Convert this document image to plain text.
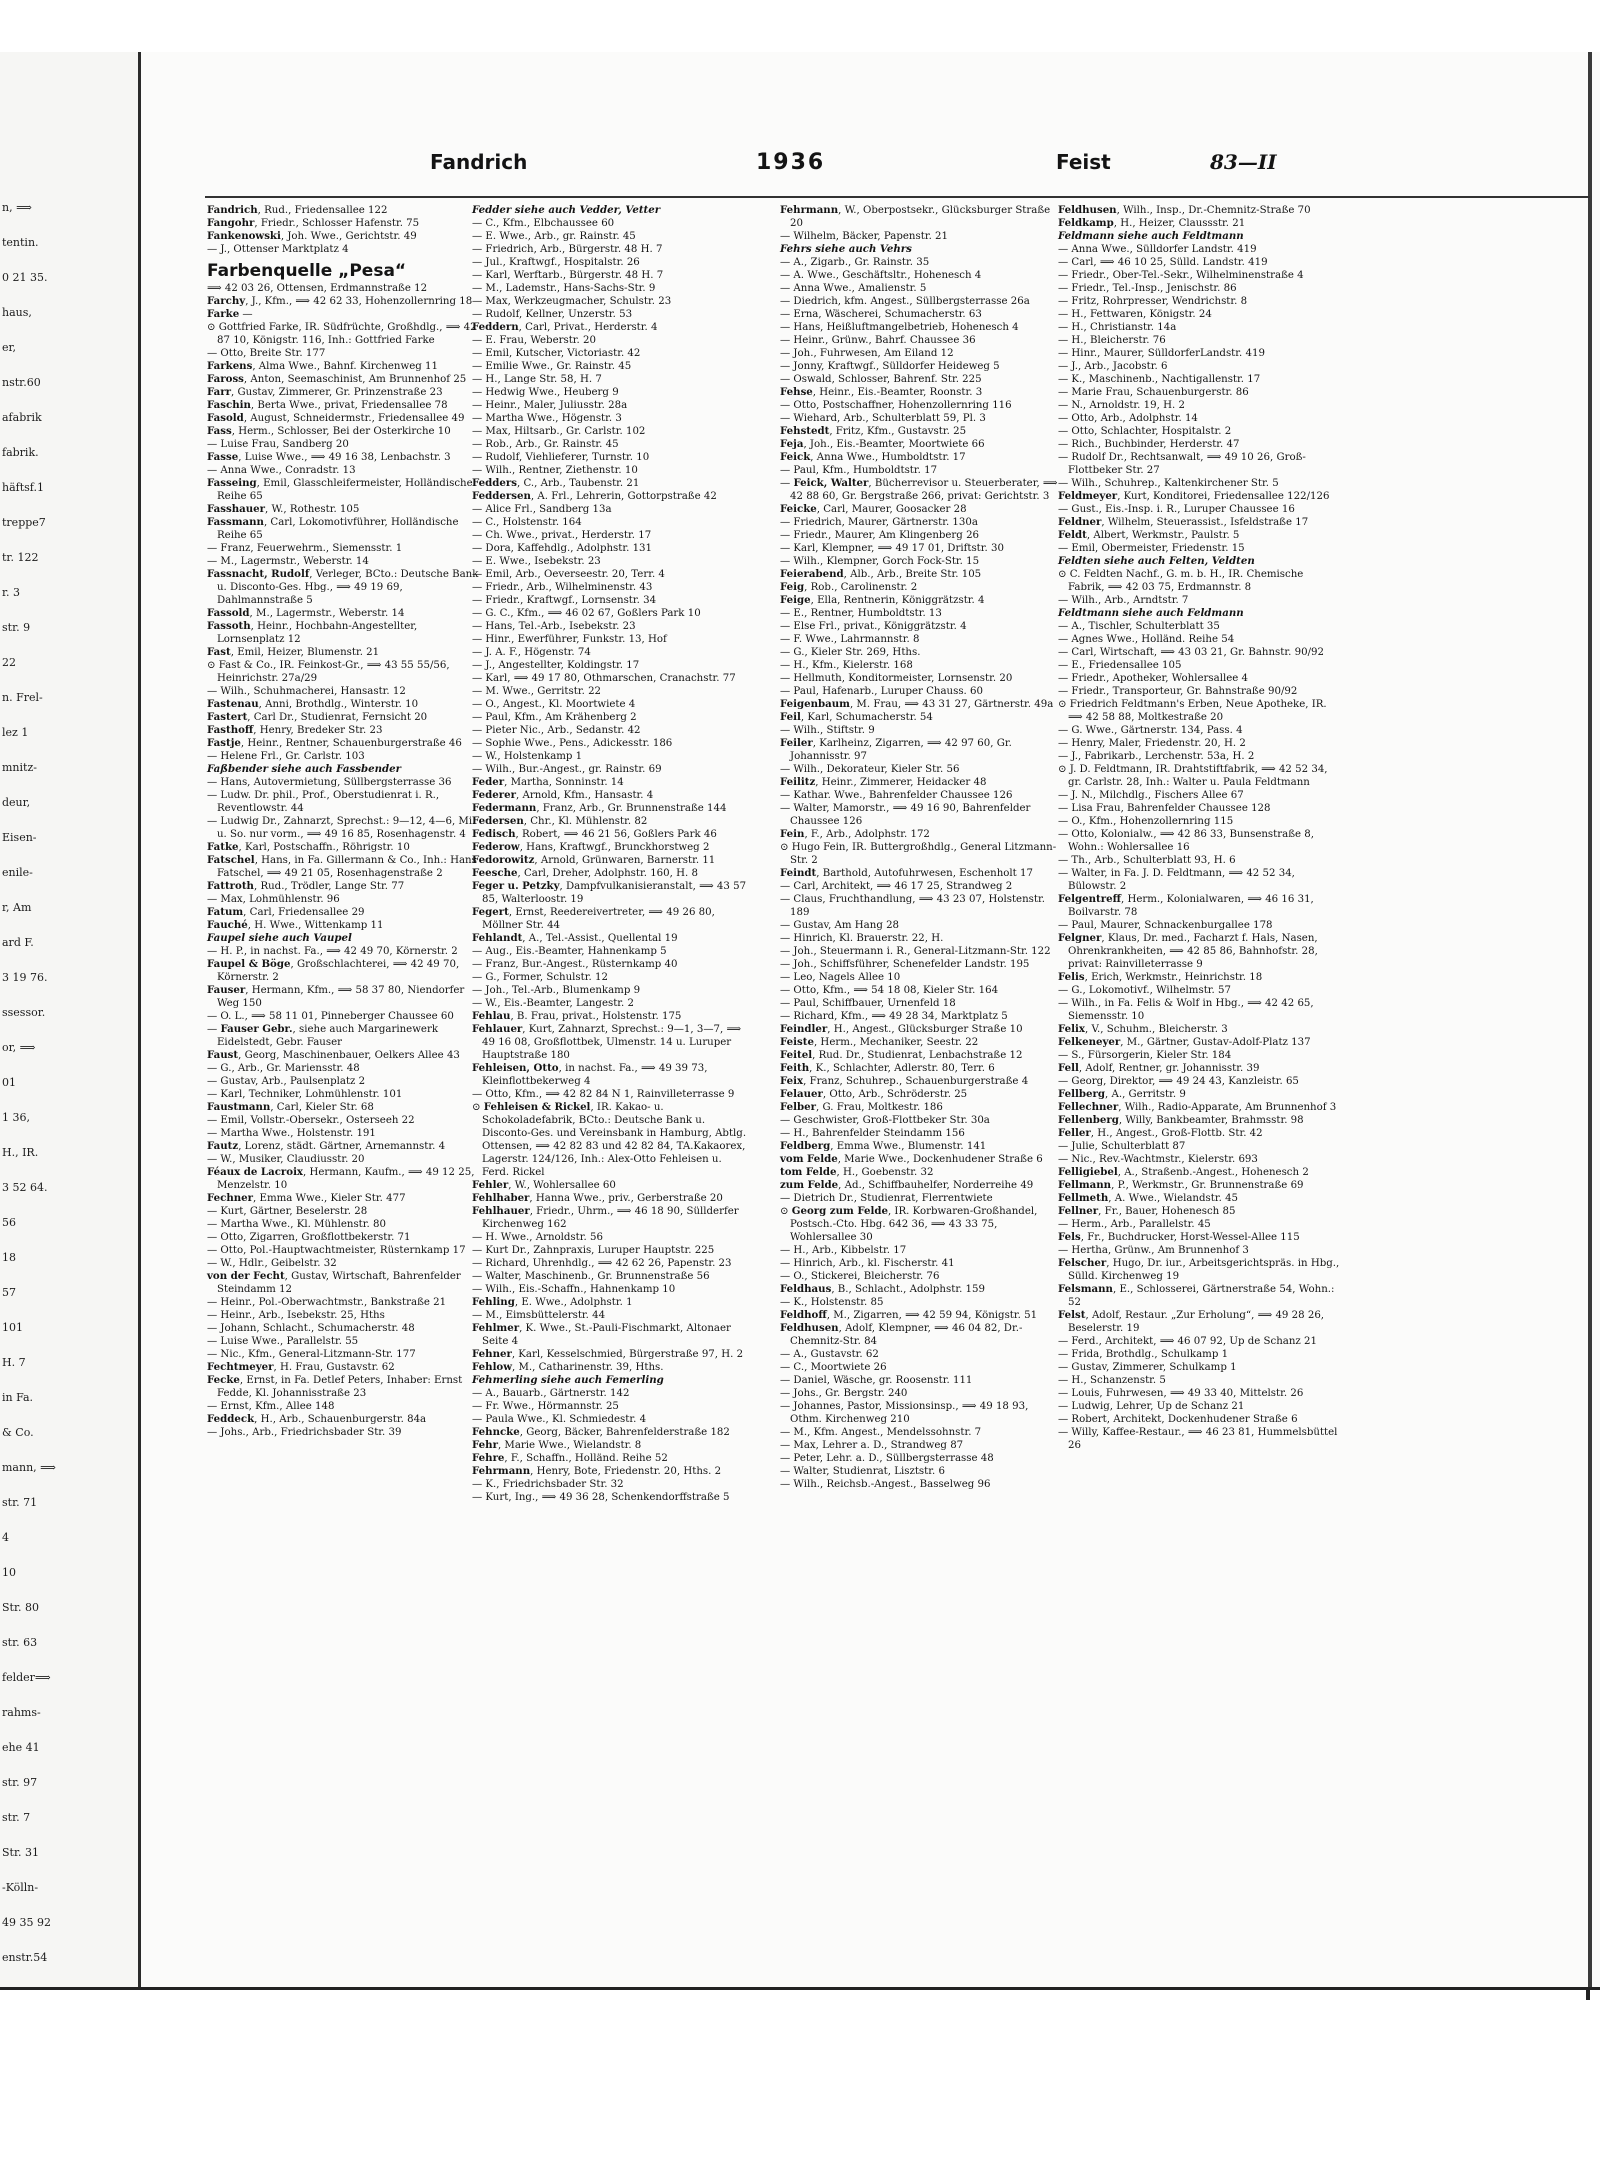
n, ⟹
tentin.
0 21 35.
haus,
er,
nstr.60
afabrik
fabrik.
häftsf.1
treppe7
tr. 122
r. 3
str. 9
22
n. Frel-
lez 1
mnitz-
deur,
Eisen-
enile-
r, Am
ard F.
3 19 76.
ssessor.
or, ⟹
01
1 36,
H., IR.
3 52 64.
56
18
57
101
H. 7
in Fa.
& Co.
mann, ⟹
str. 71
4
10
Str. 80
str. 63
felder⟹
rahms-
ehe 41
str. 97
str. 7
Str. 31
-Kölln-
49 35 92
enstr.54
Fandrich	1936	Feist	83—II
Fandrich, Rud., Friedensallee 122
Fangohr, Friedr., Schlosser Hafenstr. 75
Fankenowski, Joh. Wwe., Gerichtstr. 49
— J., Ottenser Marktplatz 4
Farbenquelle „Pesa“
⟹ 42 03 26, Ottensen, Erdmannstraße 12
Farchy, J., Kfm., ⟹ 42 62 33, Hohenzollernring 18
Farke —
⊙ Gottfried Farke, IR. Südfrüchte, Großhdlg., ⟹ 42 87 10, Königstr. 116, Inh.: Gottfried Farke
— Otto, Breite Str. 177
Farkens, Alma Wwe., Bahnf. Kirchenweg 11
Faross, Anton, Seemaschinist, Am Brunnenhof 25
Farr, Gustav, Zimmerer, Gr. Prinzenstraße 23
Faschin, Berta Wwe., privat, Friedensallee 78
Fasold, August, Schneidermstr., Friedensallee 49
Fass, Herm., Schlosser, Bei der Osterkirche 10
— Luise Frau, Sandberg 20
Fasse, Luise Wwe., ⟹ 49 16 38, Lenbachstr. 3
— Anna Wwe., Conradstr. 13
Fasseing, Emil, Glasschleifermeister, Holländische Reihe 65
Fasshauer, W., Rothestr. 105
Fassmann, Carl, Lokomotivführer, Holländische Reihe 65
— Franz, Feuerwehrm., Siemensstr. 1
— M., Lagermstr., Weberstr. 14
Fassnacht, Rudolf, Verleger, BCto.: Deutsche Bank u. Disconto-Ges. Hbg., ⟹ 49 19 69, Dahlmannstraße 5
Fassold, M., Lagermstr., Weberstr. 14
Fassoth, Heinr., Hochbahn-Angestellter, Lornsenplatz 12
Fast, Emil, Heizer, Blumenstr. 21
⊙ Fast & Co., IR. Feinkost-Gr., ⟹ 43 55 55/56, Heinrichstr. 27a/29
— Wilh., Schuhmacherei, Hansastr. 12
Fastenau, Anni, Brothdlg., Winterstr. 10
Fastert, Carl Dr., Studienrat, Fernsicht 20
Fasthoff, Henry, Bredeker Str. 23
Fastje, Heinr., Rentner, Schauenburgerstraße 46
— Helene Frl., Gr. Carlstr. 103
Faßbender siehe auch Fassbender
— Hans, Autovermietung, Süllbergsterrasse 36
— Ludw. Dr. phil., Prof., Oberstudienrat i. R., Reventlowstr. 44
— Ludwig Dr., Zahnarzt, Sprechst.: 9—12, 4—6, Mi. u. So. nur vorm., ⟹ 49 16 85, Rosenhagenstr. 4
Fatke, Karl, Postschaffn., Röhrigstr. 10
Fatschel, Hans, in Fa. Gillermann & Co., Inh.: Hans Fatschel, ⟹ 49 21 05, Rosenhagenstraße 2
Fattroth, Rud., Trödler, Lange Str. 77
— Max, Lohmühlenstr. 96
Fatum, Carl, Friedensallee 29
Fauché, H. Wwe., Wittenkamp 11
Faupel siehe auch Vaupel
— H. P., in nachst. Fa., ⟹ 42 49 70, Körnerstr. 2
Faupel & Böge, Großschlachterei, ⟹ 42 49 70, Körnerstr. 2
Fauser, Hermann, Kfm., ⟹ 58 37 80, Niendorfer Weg 150
— O. L., ⟹ 58 11 01, Pinneberger Chaussee 60
— Fauser Gebr., siehe auch Margarinewerk Eidelstedt, Gebr. Fauser
Faust, Georg, Maschinenbauer, Oelkers Allee 43
— G., Arb., Gr. Mariensstr. 48
— Gustav, Arb., Paulsenplatz 2
— Karl, Techniker, Lohmühlenstr. 101
Faustmann, Carl, Kieler Str. 68
— Emil, Vollstr.-Obersekr., Osterseeh 22
— Martha Wwe., Holstenstr. 191
Fautz, Lorenz, städt. Gärtner, Arnemannstr. 4
— W., Musiker, Claudiusstr. 20
Féaux de Lacroix, Hermann, Kaufm., ⟹ 49 12 25, Menzelstr. 10
Fechner, Emma Wwe., Kieler Str. 477
— Kurt, Gärtner, Beselerstr. 28
— Martha Wwe., Kl. Mühlenstr. 80
— Otto, Zigarren, Großflottbekerstr. 71
— Otto, Pol.-Hauptwachtmeister, Rüsternkamp 17
— W., Hdlr., Geibelstr. 32
von der Fecht, Gustav, Wirtschaft, Bahrenfelder Steindamm 12
— Heinr., Pol.-Oberwachtmstr., Bankstraße 21
— Heinr., Arb., Isebekstr. 25, Hths
— Johann, Schlacht., Schumacherstr. 48
— Luise Wwe., Parallelstr. 55
— Nic., Kfm., General-Litzmann-Str. 177
Fechtmeyer, H. Frau, Gustavstr. 62
Fecke, Ernst, in Fa. Detlef Peters, Inhaber: Ernst Fedde, Kl. Johannisstraße 23
— Ernst, Kfm., Allee 148
Feddeck, H., Arb., Schauenburgerstr. 84a
— Johs., Arb., Friedrichsbader Str. 39
Fedder siehe auch Vedder, Vetter
— C., Kfm., Elbchaussee 60
— E. Wwe., Arb., gr. Rainstr. 45
— Friedrich, Arb., Bürgerstr. 48 H. 7
— Jul., Kraftwgf., Hospitalstr. 26
— Karl, Werftarb., Bürgerstr. 48 H. 7
— M., Lademstr., Hans-Sachs-Str. 9
— Max, Werkzeugmacher, Schulstr. 23
— Rudolf, Kellner, Unzerstr. 53
Feddern, Carl, Privat., Herderstr. 4
— E. Frau, Weberstr. 20
— Emil, Kutscher, Victoriastr. 42
— Emilie Wwe., Gr. Rainstr. 45
— H., Lange Str. 58, H. 7
— Hedwig Wwe., Heuberg 9
— Heinr., Maler, Juliusstr. 28a
— Martha Wwe., Högenstr. 3
— Max, Hiltsarb., Gr. Carlstr. 102
— Rob., Arb., Gr. Rainstr. 45
— Rudolf, Viehlieferer, Turnstr. 10
— Wilh., Rentner, Ziethenstr. 10
Fedders, C., Arb., Taubenstr. 21
Feddersen, A. Frl., Lehrerin, Gottorpstraße 42
— Alice Frl., Sandberg 13a
— C., Holstenstr. 164
— Ch. Wwe., privat., Herderstr. 17
— Dora, Kaffehdlg., Adolphstr. 131
— E. Wwe., Isebekstr. 23
— Emil, Arb., Oeverseestr. 20, Terr. 4
— Friedr., Arb., Wilhelminenstr. 43
— Friedr., Kraftwgf., Lornsenstr. 34
— G. C., Kfm., ⟹ 46 02 67, Goßlers Park 10
— Hans, Tel.-Arb., Isebekstr. 23
— Hinr., Ewerführer, Funkstr. 13, Hof
— J. A. F., Högenstr. 74
— J., Angestellter, Koldingstr. 17
— Karl, ⟹ 49 17 80, Othmarschen, Cranachstr. 77
— M. Wwe., Gerritstr. 22
— O., Angest., Kl. Moortwiete 4
— Paul, Kfm., Am Krähenberg 2
— Pieter Nic., Arb., Sedanstr. 42
— Sophie Wwe., Pens., Adickesstr. 186
— W., Holstenkamp 1
— Wilh., Bur.-Angest., gr. Rainstr. 69
Feder, Martha, Sonninstr. 14
Federer, Arnold, Kfm., Hansastr. 4
Federmann, Franz, Arb., Gr. Brunnenstraße 144
Federsen, Chr., Kl. Mühlenstr. 82
Fedisch, Robert, ⟹ 46 21 56, Goßlers Park 46
Federow, Hans, Kraftwgf., Brunckhorstweg 2
Fedorowitz, Arnold, Grünwaren, Barnerstr. 11
Feesche, Carl, Dreher, Adolphstr. 160, H. 8
Feger u. Petzky, Dampfvulkanisieranstalt, ⟹ 43 57 85, Walterloostr. 19
Fegert, Ernst, Reedereivertreter, ⟹ 49 26 80, Möllner Str. 44
Fehlandt, A., Tel.-Assist., Quellental 19
— Aug., Eis.-Beamter, Hahnenkamp 5
— Franz, Bur.-Angest., Rüsternkamp 40
— G., Former, Schulstr. 12
— Joh., Tel.-Arb., Blumenkamp 9
— W., Eis.-Beamter, Langestr. 2
Fehlau, B. Frau, privat., Holstenstr. 175
Fehlauer, Kurt, Zahnarzt, Sprechst.: 9—1, 3—7, ⟹ 49 16 08, Großflottbek, Ulmenstr. 14 u. Luruper Hauptstraße 180
Fehleisen, Otto, in nachst. Fa., ⟹ 49 39 73, Kleinflottbekerweg 4
— Otto, Kfm., ⟹ 42 82 84 N 1, Rainvilleterrasse 9
⊙ Fehleisen & Rickel, IR. Kakao- u. Schokoladefabrik, BCto.: Deutsche Bank u. Disconto-Ges. und Vereinsbank in Hamburg, Abtlg. Ottensen, ⟹ 42 82 83 und 42 82 84, TA.Kakaorex, Lagerstr. 124/126, Inh.: Alex-Otto Fehleisen u. Ferd. Rickel
Fehler, W., Wohlersallee 60
Fehlhaber, Hanna Wwe., priv., Gerberstraße 20
Fehlhauer, Friedr., Uhrm., ⟹ 46 18 90, Süllderfer Kirchenweg 162
— H. Wwe., Arnoldstr. 56
— Kurt Dr., Zahnpraxis, Luruper Hauptstr. 225
— Richard, Uhrenhdlg., ⟹ 42 62 26, Papenstr. 23
— Walter, Maschinenb., Gr. Brunnenstraße 56
— Wilh., Eis.-Schaffn., Hahnenkamp 10
Fehling, E. Wwe., Adolphstr. 1
— M., Eimsbüttelerstr. 44
Fehlmer, K. Wwe., St.-Pauli-Fischmarkt, Altonaer Seite 4
Fehner, Karl, Kesselschmied, Bürgerstraße 97, H. 2
Fehlow, M., Catharinenstr. 39, Hths.
Fehmerling siehe auch Femerling
— A., Bauarb., Gärtnerstr. 142
— Fr. Wwe., Hörmannstr. 25
— Paula Wwe., Kl. Schmiedestr. 4
Fehncke, Georg, Bäcker, Bahrenfelderstraße 182
Fehr, Marie Wwe., Wielandstr. 8
Fehre, F., Schaffn., Holländ. Reihe 52
Fehrmann, Henry, Bote, Friedenstr. 20, Hths. 2
— K., Friedrichsbader Str. 32
— Kurt, Ing., ⟹ 49 36 28, Schenkendorffstraße 5
Fehrmann, W., Oberpostsekr., Glücksburger Straße 20
— Wilhelm, Bäcker, Papenstr. 21
Fehrs siehe auch Vehrs
— A., Zigarb., Gr. Rainstr. 35
— A. Wwe., Geschäftsltr., Hohenesch 4
— Anna Wwe., Amalienstr. 5
— Diedrich, kfm. Angest., Süllbergsterrasse 26a
— Erna, Wäscherei, Schumacherstr. 63
— Hans, Heißluftmangelbetrieb, Hohenesch 4
— Heinr., Grünw., Bahrf. Chaussee 36
— Joh., Fuhrwesen, Am Eiland 12
— Jonny, Kraftwgf., Sülldorfer Heideweg 5
— Oswald, Schlosser, Bahrenf. Str. 225
Fehse, Heinr., Eis.-Beamter, Roonstr. 3
— Otto, Postschaffner, Hohenzollernring 116
— Wiehard, Arb., Schulterblatt 59, Pl. 3
Fehstedt, Fritz, Kfm., Gustavstr. 25
Feja, Joh., Eis.-Beamter, Moortwiete 66
Feick, Anna Wwe., Humboldtstr. 17
— Paul, Kfm., Humboldtstr. 17
— Feick, Walter, Bücherrevisor u. Steuerberater, ⟹ 42 88 60, Gr. Bergstraße 266, privat: Gerichtstr. 3
Feicke, Carl, Maurer, Goosacker 28
— Friedrich, Maurer, Gärtnerstr. 130a
— Friedr., Maurer, Am Klingenberg 26
— Karl, Klempner, ⟹ 49 17 01, Driftstr. 30
— Wilh., Klempner, Gorch Fock-Str. 15
Feierabend, Alb., Arb., Breite Str. 105
Feig, Rob., Carolinenstr. 2
Feige, Ella, Rentnerin, Königgrätzstr. 4
— E., Rentner, Humboldtstr. 13
— Else Frl., privat., Königgrätzstr. 4
— F. Wwe., Lahrmannstr. 8
— G., Kieler Str. 269, Hths.
— H., Kfm., Kielerstr. 168
— Hellmuth, Konditormeister, Lornsenstr. 20
— Paul, Hafenarb., Luruper Chauss. 60
Feigenbaum, M. Frau, ⟹ 43 31 27, Gärtnerstr. 49a
Feil, Karl, Schumacherstr. 54
— Wilh., Stiftstr. 9
Feiler, Karlheinz, Zigarren, ⟹ 42 97 60, Gr. Johannisstr. 97
— Wilh., Dekorateur, Kieler Str. 56
Feilitz, Heinr., Zimmerer, Heidacker 48
— Kathar. Wwe., Bahrenfelder Chaussee 126
— Walter, Mamorstr., ⟹ 49 16 90, Bahrenfelder Chaussee 126
Fein, F., Arb., Adolphstr. 172
⊙ Hugo Fein, IR. Buttergroßhdlg., General Litzmann-Str. 2
Feindt, Barthold, Autofuhrwesen, Eschenholt 17
— Carl, Architekt, ⟹ 46 17 25, Strandweg 2
— Claus, Fruchthandlung, ⟹ 43 23 07, Holstenstr. 189
— Gustav, Am Hang 28
— Hinrich, Kl. Brauerstr. 22, H.
— Joh., Steuermann i. R., General-Litzmann-Str. 122
— Joh., Schiffsführer, Schenefelder Landstr. 195
— Leo, Nagels Allee 10
— Otto, Kfm., ⟹ 54 18 08, Kieler Str. 164
— Paul, Schiffbauer, Urnenfeld 18
— Richard, Kfm., ⟹ 49 28 34, Marktplatz 5
Feindler, H., Angest., Glücksburger Straße 10
Feiste, Herm., Mechaniker, Seestr. 22
Feitel, Rud. Dr., Studienrat, Lenbachstraße 12
Feith, K., Schlachter, Adlerstr. 80, Terr. 6
Feix, Franz, Schuhrep., Schauenburgerstraße 4
Felauer, Otto, Arb., Schröderstr. 25
Felber, G. Frau, Moltkestr. 186
— Geschwister, Groß-Flottbeker Str. 30a
— H., Bahrenfelder Steindamm 156
Feldberg, Emma Wwe., Blumenstr. 141
vom Felde, Marie Wwe., Dockenhudener Straße 6
tom Felde, H., Goebenstr. 32
zum Felde, Ad., Schiffbauhelfer, Norderreihe 49
— Dietrich Dr., Studienrat, Flerrentwiete
⊙ Georg zum Felde, IR. Korbwaren-Großhandel, Postsch.-Cto. Hbg. 642 36, ⟹ 43 33 75, Wohlersallee 30
— H., Arb., Kibbelstr. 17
— Hinrich, Arb., kl. Fischerstr. 41
— O., Stickerei, Bleicherstr. 76
Feldhaus, B., Schlacht., Adolphstr. 159
— K., Holstenstr. 85
Feldhoff, M., Zigarren, ⟹ 42 59 94, Königstr. 51
Feldhusen, Adolf, Klempner, ⟹ 46 04 82, Dr.-Chemnitz-Str. 84
— A., Gustavstr. 62
— C., Moortwiete 26
— Daniel, Wäsche, gr. Roosenstr. 111
— Johs., Gr. Bergstr. 240
— Johannes, Pastor, Missionsinsp., ⟹ 49 18 93, Othm. Kirchenweg 210
— M., Kfm. Angest., Mendelssohnstr. 7
— Max, Lehrer a. D., Strandweg 87
— Peter, Lehr. a. D., Süllbergsterrasse 48
— Walter, Studienrat, Lisztstr. 6
— Wilh., Reichsb.-Angest., Basselweg 96
Feldhusen, Wilh., Insp., Dr.-Chemnitz-Straße 70
Feldkamp, H., Heizer, Claussstr. 21
Feldmann siehe auch Feldtmann
— Anna Wwe., Sülldorfer Landstr. 419
— Carl, ⟹ 46 10 25, Sülld. Landstr. 419
— Friedr., Ober-Tel.-Sekr., Wilhelminenstraße 4
— Friedr., Tel.-Insp., Jenischstr. 86
— Fritz, Rohrpresser, Wendrichstr. 8
— H., Fettwaren, Königstr. 24
— H., Christianstr. 14a
— H., Bleicherstr. 76
— Hinr., Maurer, SülldorferLandstr. 419
— J., Arb., Jacobstr. 6
— K., Maschinenb., Nachtigallenstr. 17
— Marie Frau, Schauenburgerstr. 86
— N., Arnoldstr. 19, H. 2
— Otto, Arb., Adolphstr. 14
— Otto, Schlachter, Hospitalstr. 2
— Rich., Buchbinder, Herderstr. 47
— Rudolf Dr., Rechtsanwalt, ⟹ 49 10 26, Groß-Flottbeker Str. 27
— Wilh., Schuhrep., Kaltenkirchener Str. 5
Feldmeyer, Kurt, Konditorei, Friedensallee 122/126
— Gust., Eis.-Insp. i. R., Luruper Chaussee 16
Feldner, Wilhelm, Steuerassist., Isfeldstraße 17
Feldt, Albert, Werkmstr., Paulstr. 5
— Emil, Obermeister, Friedenstr. 15
Feldten siehe auch Felten, Veldten
⊙ C. Feldten Nachf., G. m. b. H., IR. Chemische Fabrik, ⟹ 42 03 75, Erdmannstr. 8
— Wilh., Arb., Arndtstr. 7
Feldtmann siehe auch Feldmann
— A., Tischler, Schulterblatt 35
— Agnes Wwe., Holländ. Reihe 54
— Carl, Wirtschaft, ⟹ 43 03 21, Gr. Bahnstr. 90/92
— E., Friedensallee 105
— Friedr., Apotheker, Wohlersallee 4
— Friedr., Transporteur, Gr. Bahnstraße 90/92
⊙ Friedrich Feldtmann's Erben, Neue Apotheke, IR. ⟹ 42 58 88, Moltkestraße 20
— G. Wwe., Gärtnerstr. 134, Pass. 4
— Henry, Maler, Friedenstr. 20, H. 2
— J., Fabrikarb., Lerchenstr. 53a, H. 2
⊙ J. D. Feldtmann, IR. Drahtstiftfabrik, ⟹ 42 52 34, gr. Carlstr. 28, Inh.: Walter u. Paula Feldtmann
— J. N., Milchdlg., Fischers Allee 67
— Lisa Frau, Bahrenfelder Chaussee 128
— O., Kfm., Hohenzollernring 115
— Otto, Kolonialw., ⟹ 42 86 33, Bunsenstraße 8, Wohn.: Wohlersallee 16
— Th., Arb., Schulterblatt 93, H. 6
— Walter, in Fa. J. D. Feldtmann, ⟹ 42 52 34, Bülowstr. 2
Felgentreff, Herm., Kolonialwaren, ⟹ 46 16 31, Boilvarstr. 78
— Paul, Maurer, Schnackenburgallee 178
Felgner, Klaus, Dr. med., Facharzt f. Hals, Nasen, Ohrenkrankheiten, ⟹ 42 85 86, Bahnhofstr. 28, privat: Rainvilleterrasse 9
Felis, Erich, Werkmstr., Heinrichstr. 18
— G., Lokomotivf., Wilhelmstr. 57
— Wilh., in Fa. Felis & Wolf in Hbg., ⟹ 42 42 65, Siemensstr. 10
Felix, V., Schuhm., Bleicherstr. 3
Felkeneyer, M., Gärtner, Gustav-Adolf-Platz 137
— S., Fürsorgerin, Kieler Str. 184
Fell, Adolf, Rentner, gr. Johannisstr. 39
— Georg, Direktor, ⟹ 49 24 43, Kanzleistr. 65
Fellberg, A., Gerritstr. 9
Fellechner, Wilh., Radio-Apparate, Am Brunnenhof 3
Fellenberg, Willy, Bankbeamter, Brahmsstr. 98
Feller, H., Angest., Groß-Flottb. Str. 42
— Julie, Schulterblatt 87
— Nic., Rev.-Wachtmstr., Kielerstr. 693
Felligiebel, A., Straßenb.-Angest., Hohenesch 2
Fellmann, P., Werkmstr., Gr. Brunnenstraße 69
Fellmeth, A. Wwe., Wielandstr. 45
Fellner, Fr., Bauer, Hohenesch 85
— Herm., Arb., Parallelstr. 45
Fels, Fr., Buchdrucker, Horst-Wessel-Allee 115
— Hertha, Grünw., Am Brunnenhof 3
Felscher, Hugo, Dr. iur., Arbeitsgerichtspräs. in Hbg., Sülld. Kirchenweg 19
Felsmann, E., Schlosserei, Gärtnerstraße 54, Wohn.: 52
Felst, Adolf, Restaur. „Zur Erholung“, ⟹ 49 28 26, Beselerstr. 19
— Ferd., Architekt, ⟹ 46 07 92, Up de Schanz 21
— Frida, Brothdlg., Schulkamp 1
— Gustav, Zimmerer, Schulkamp 1
— H., Schanzenstr. 5
— Louis, Fuhrwesen, ⟹ 49 33 40, Mittelstr. 26
— Ludwig, Lehrer, Up de Schanz 21
— Robert, Architekt, Dockenhudener Straße 6
— Willy, Kaffee-Restaur., ⟹ 46 23 81, Hummelsbüttel 26
